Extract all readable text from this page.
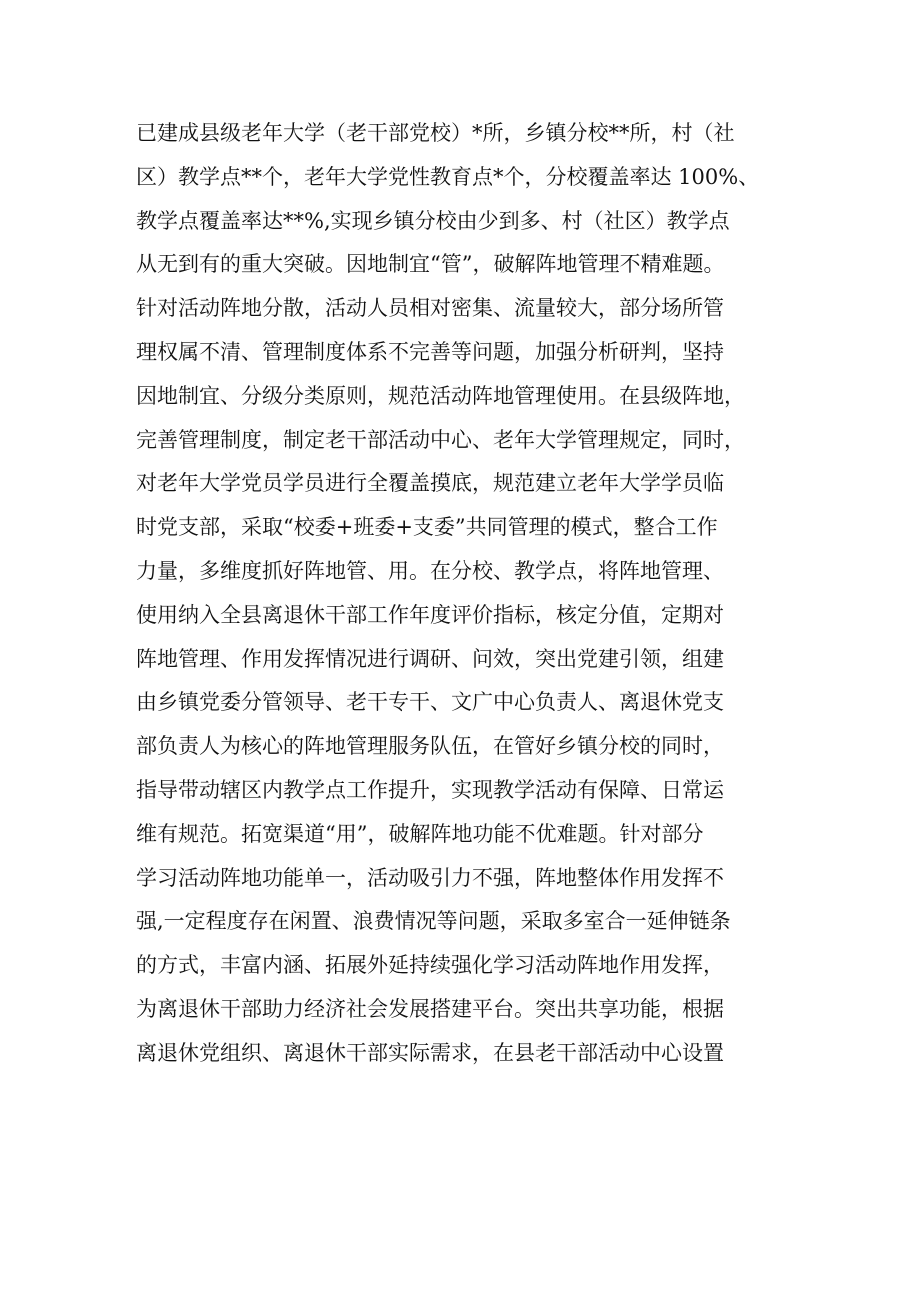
已建成县级老年大学（老干部党校）*所，乡镇分校**所，村（社
区）教学点**个，老年大学党性教育点*个，分校覆盖率达 100%、
教学点覆盖率达**%,实现乡镇分校由少到多、村（社区）教学点
从无到有的重大突破。因地制宜“管”，破解阵地管理不精难题。
针对活动阵地分散，活动人员相对密集、流量较大，部分场所管
理权属不清、管理制度体系不完善等问题，加强分析研判，坚持
因地制宜、分级分类原则，规范活动阵地管理使用。在县级阵地，
完善管理制度，制定老干部活动中心、老年大学管理规定，同时，
对老年大学党员学员进行全覆盖摸底，规范建立老年大学学员临
时党支部，采取“校委+班委+支委”共同管理的模式，整合工作
力量，多维度抓好阵地管、用。在分校、教学点，将阵地管理、
使用纳入全县离退休干部工作年度评价指标，核定分值，定期对
阵地管理、作用发挥情况进行调研、问效，突出党建引领，组建
由乡镇党委分管领导、老干专干、文广中心负责人、离退休党支
部负责人为核心的阵地管理服务队伍，在管好乡镇分校的同时，
指导带动辖区内教学点工作提升，实现教学活动有保障、日常运
维有规范。拓宽渠道“用”，破解阵地功能不优难题。针对部分
学习活动阵地功能单一，活动吸引力不强，阵地整体作用发挥不
强,一定程度存在闲置、浪费情况等问题，采取多室合一延伸链条
的方式，丰富内涵、拓展外延持续强化学习活动阵地作用发挥，
为离退休干部助力经济社会发展搭建平台。突出共享功能，根据
离退休党组织、离退休干部实际需求，在县老干部活动中心设置
